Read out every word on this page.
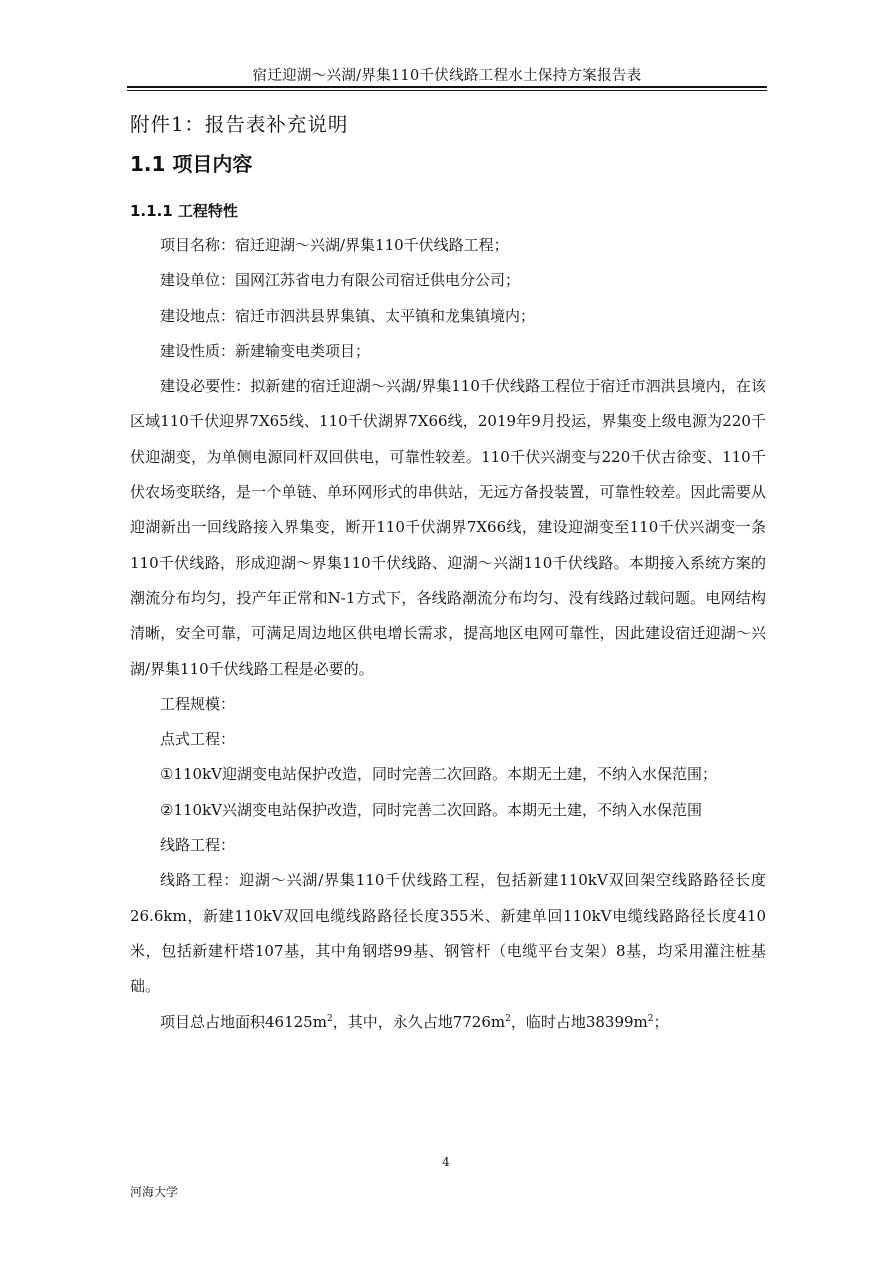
宿迁迎湖～兴湖/界集110千伏线路工程水土保持方案报告表
附件1：报告表补充说明
1.1 项目内容
1.1.1 工程特性

项目名称：宿迁迎湖～兴湖/界集110千伏线路工程；

建设单位：国网江苏省电力有限公司宿迁供电分公司；

建设地点：宿迁市泗洪县界集镇、太平镇和龙集镇境内；

建设性质：新建输变电类项目；

建设必要性：拟新建的宿迁迎湖～兴湖/界集110千伏线路工程位于宿迁市泗洪县境内，在该区域110千伏迎界7X65线、110千伏湖界7X66线，2019年9月投运，界集变上级电源为220千伏迎湖变，为单侧电源同杆双回供电，可靠性较差。110千伏兴湖变与220千伏古徐变、110千伏农场变联络，是一个单链、单环网形式的串供站，无远方备投装置，可靠性较差。因此需要从迎湖新出一回线路接入界集变，断开110千伏湖界7X66线，建设迎湖变至110千伏兴湖变一条110千伏线路，形成迎湖～界集110千伏线路、迎湖～兴湖110千伏线路。本期接入系统方案的潮流分布均匀，投产年正常和N-1方式下，各线路潮流分布均匀、没有线路过载问题。电网结构清晰，安全可靠，可满足周边地区供电增长需求，提高地区电网可靠性，因此建设宿迁迎湖～兴湖/界集110千伏线路工程是必要的。

工程规模：

点式工程：

①110kV迎湖变电站保护改造，同时完善二次回路。本期无土建，不纳入水保范围；

②110kV兴湖变电站保护改造，同时完善二次回路。本期无土建，不纳入水保范围

线路工程：

线路工程：迎湖～兴湖/界集110千伏线路工程，包括新建110kV双回架空线路路径长度26.6km，新建110kV双回电缆线路路径长度355米、新建单回110kV电缆线路路径长度410米，包括新建杆塔107基，其中角钢塔99基、钢管杆（电缆平台支架）8基，均采用灌注桩基础。

项目总占地面积$46125m^2$，其中，永久占地$7726m^2$，临时占地$38399m^2$；

4
河海大学
